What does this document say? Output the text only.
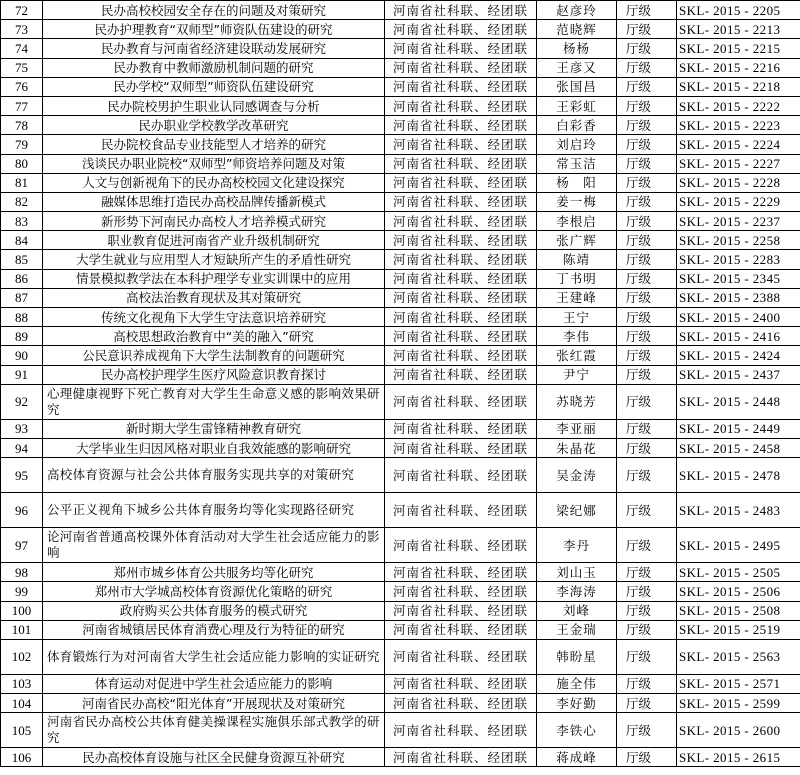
72	民办高校校园安全存在的问题及对策研究	河南省社科联、经团联	赵彦玲	厅级	SKL- 2015 - 2205
73	民办护理教育“双师型”师资队伍建设的研究	河南省社科联、经团联	范晓辉	厅级	SKL- 2015 - 2213
74	民办教育与河南省经济建设联动发展研究	河南省社科联、经团联	杨杨	厅级	SKL- 2015 - 2215
75	民办教育中教师激励机制问题的研究	河南省社科联、经团联	王彦又	厅级	SKL- 2015 - 2216
76	民办学校“双师型”师资队伍建设研究	河南省社科联、经团联	张国昌	厅级	SKL- 2015 - 2218
77	民办院校男护生职业认同感调查与分析	河南省社科联、经团联	王彩虹	厅级	SKL- 2015 - 2222
78	民办职业学校教学改革研究	河南省社科联、经团联	白彩香	厅级	SKL- 2015 - 2223
79	民办院校食品专业技能型人才培养的研究	河南省社科联、经团联	刘启玲	厅级	SKL- 2015 - 2224
80	浅谈民办职业院校“双师型”师资培养问题及对策	河南省社科联、经团联	常玉洁	厅级	SKL- 2015 - 2227
81	人文与创新视角下的民办高校校园文化建设探究	河南省社科联、经团联	杨　阳	厅级	SKL- 2015 - 2228
82	融媒体思维打造民办高校品牌传播新模式	河南省社科联、经团联	姜一梅	厅级	SKL- 2015 - 2229
83	新形势下河南民办高校人才培养模式研究	河南省社科联、经团联	李根启	厅级	SKL- 2015 - 2237
84	职业教育促进河南省产业升级机制研究	河南省社科联、经团联	张广辉	厅级	SKL- 2015 - 2258
85	大学生就业与应用型人才短缺所产生的矛盾性研究	河南省社科联、经团联	陈靖	厅级	SKL- 2015 - 2283
86	情景模拟教学法在本科护理学专业实训课中的应用	河南省社科联、经团联	丁书明	厅级	SKL- 2015 - 2345
87	高校法治教育现状及其对策研究	河南省社科联、经团联	王建峰	厅级	SKL- 2015 - 2388
88	传统文化视角下大学生守法意识培养研究	河南省社科联、经团联	王宁	厅级	SKL- 2015 - 2400
89	高校思想政治教育中“美的融入”研究	河南省社科联、经团联	李伟	厅级	SKL- 2015 - 2416
90	公民意识养成视角下大学生法制教育的问题研究	河南省社科联、经团联	张红霞	厅级	SKL- 2015 - 2424
91	民办高校护理学生医疗风险意识教育探讨	河南省社科联、经团联	尹宁	厅级	SKL- 2015 - 2437
92	心理健康视野下死亡教育对大学生生命意义感的影响效果研究	河南省社科联、经团联	苏晓芳	厅级	SKL- 2015 - 2448
93	新时期大学生雷锋精神教育研究	河南省社科联、经团联	李亚丽	厅级	SKL- 2015 - 2449
94	大学毕业生归因风格对职业自我效能感的影响研究	河南省社科联、经团联	朱晶花	厅级	SKL- 2015 - 2458
95	高校体育资源与社会公共体育服务实现共享的对策研究	河南省社科联、经团联	吴金涛	厅级	SKL- 2015 - 2478
96	公平正义视角下城乡公共体育服务均等化实现路径研究	河南省社科联、经团联	梁纪娜	厅级	SKL- 2015 - 2483
97	论河南省普通高校课外体育活动对大学生社会适应能力的影响	河南省社科联、经团联	李丹	厅级	SKL- 2015 - 2495
98	郑州市城乡体育公共服务均等化研究	河南省社科联、经团联	刘山玉	厅级	SKL- 2015 - 2505
99	郑州市大学城高校体育资源优化策略的研究	河南省社科联、经团联	李海涛	厅级	SKL- 2015 - 2506
100	政府购买公共体育服务的模式研究	河南省社科联、经团联	刘峰	厅级	SKL- 2015 - 2508
101	河南省城镇居民体育消费心理及行为特征的研究	河南省社科联、经团联	王金瑞	厅级	SKL- 2015 - 2519
102	体育锻炼行为对河南省大学生社会适应能力影响的实证研究	河南省社科联、经团联	韩盼星	厅级	SKL- 2015 - 2563
103	体育运动对促进中学生社会适应能力的影响	河南省社科联、经团联	施全伟	厅级	SKL- 2015 - 2571
104	河南省民办高校“阳光体育”开展现状及对策研究	河南省社科联、经团联	李好勤	厅级	SKL- 2015 - 2599
105	河南省民办高校公共体育健美操课程实施俱乐部式教学的研究	河南省社科联、经团联	李铁心	厅级	SKL- 2015 - 2600
106	民办高校体育设施与社区全民健身资源互补研究	河南省社科联、经团联	蒋成峰	厅级	SKL- 2015 - 2615
